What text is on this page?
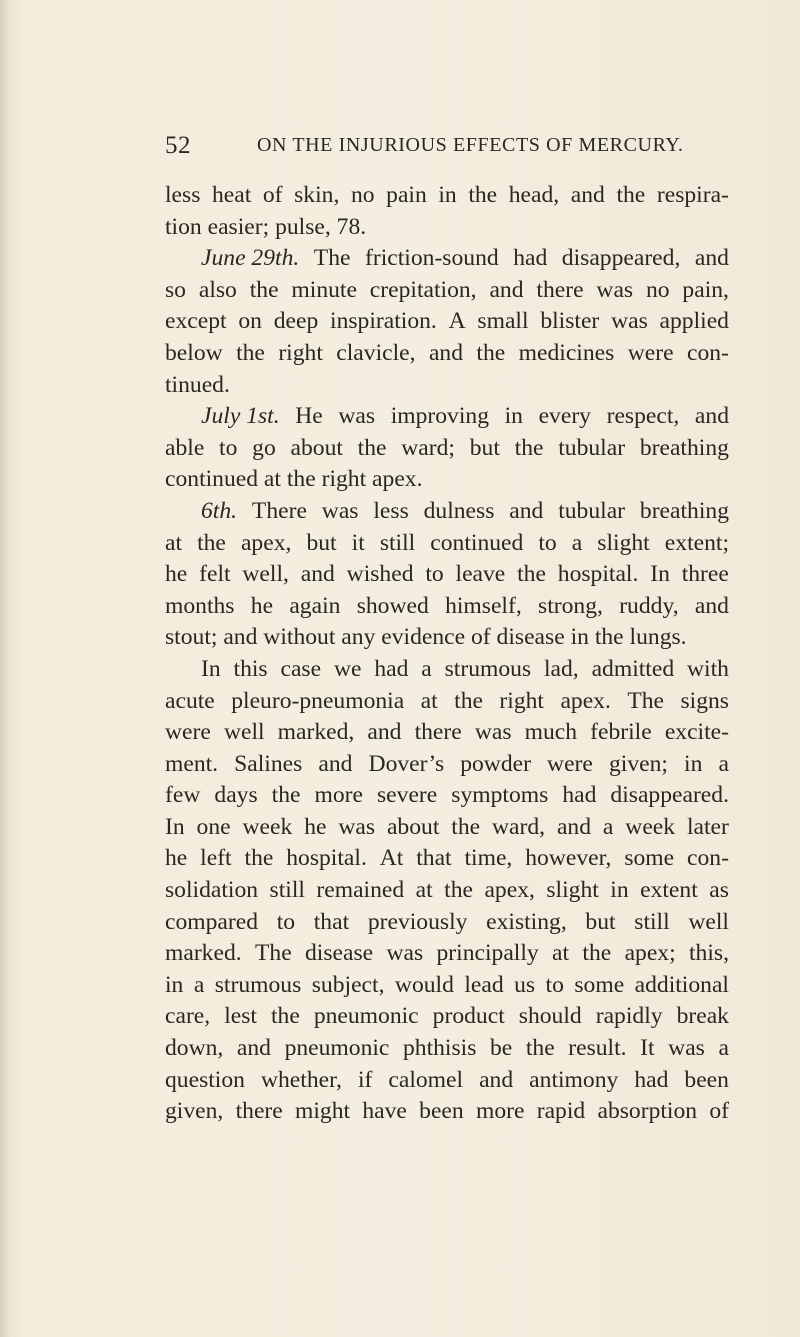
52	ON THE INJURIOUS EFFECTS OF MERCURY.
less heat of skin, no pain in the head, and the respira-
tion easier; pulse, 78.
June 29th. The friction-sound had disappeared, and
so also the minute crepitation, and there was no pain,
except on deep inspiration. A small blister was applied
below the right clavicle, and the medicines were con-
tinued.
July 1st. He was improving in every respect, and
able to go about the ward; but the tubular breathing
continued at the right apex.
6th. There was less dulness and tubular breathing
at the apex, but it still continued to a slight extent;
he felt well, and wished to leave the hospital. In three
months he again showed himself, strong, ruddy, and
stout; and without any evidence of disease in the lungs.
In this case we had a strumous lad, admitted with
acute pleuro-pneumonia at the right apex. The signs
were well marked, and there was much febrile excite-
ment. Salines and Dover’s powder were given; in a
few days the more severe symptoms had disappeared.
In one week he was about the ward, and a week later
he left the hospital. At that time, however, some con-
solidation still remained at the apex, slight in extent as
compared to that previously existing, but still well
marked. The disease was principally at the apex; this,
in a strumous subject, would lead us to some additional
care, lest the pneumonic product should rapidly break
down, and pneumonic phthisis be the result. It was a
question whether, if calomel and antimony had been
given, there might have been more rapid absorption of
